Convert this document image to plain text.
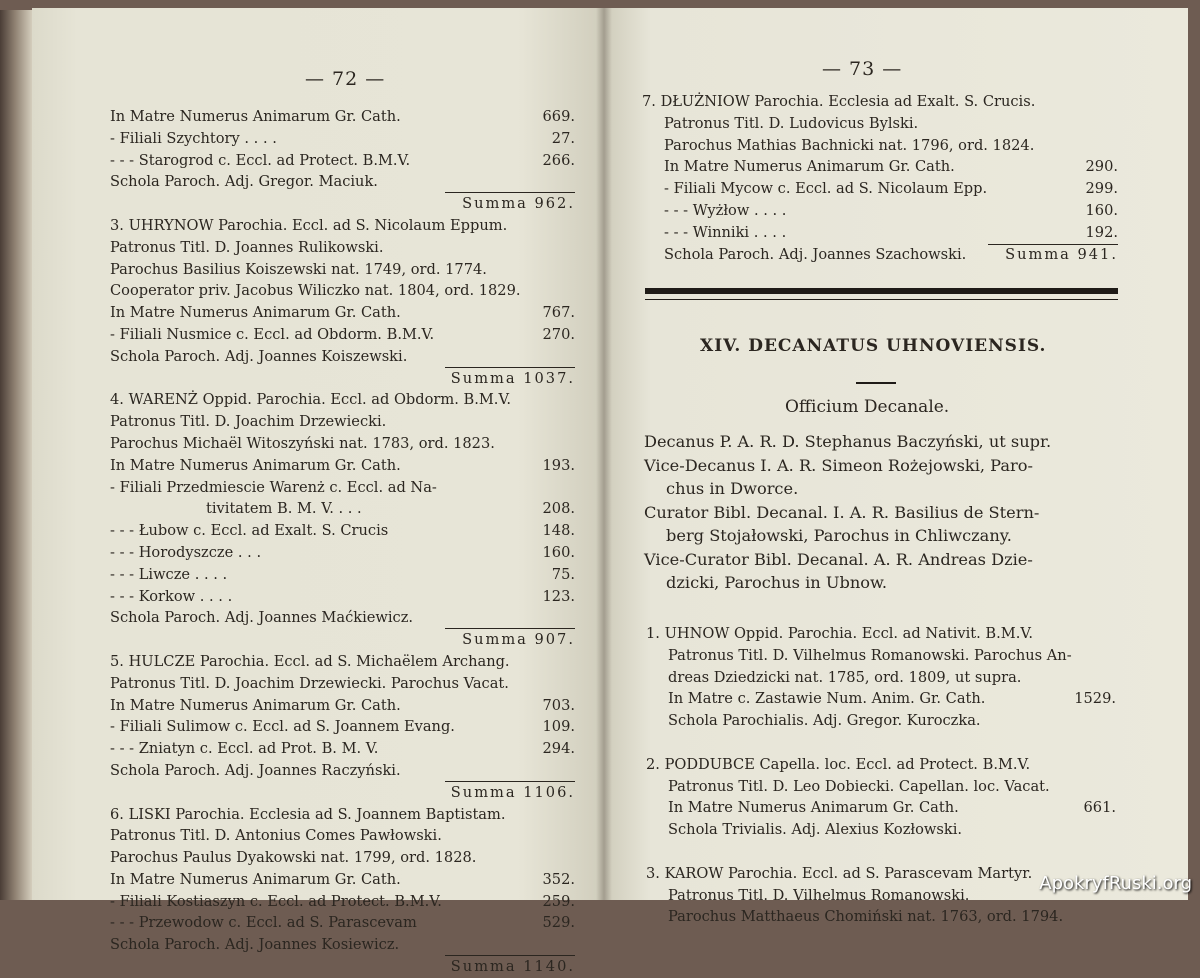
— 72 —	— 73 —
In Matre Numerus Animarum Gr. Cath.	669.
- Filiali Szychtory . . . .	27.
- - - Starogrod c. Eccl. ad Protect. B.M.V.	266.
Schola Paroch. Adj. Gregor. Maciuk.
Summa 962.
3. UHRYNOW Parochia. Eccl. ad S. Nicolaum Eppum.
Patronus Titl. D. Joannes Rulikowski.
Parochus Basilius Koiszewski nat. 1749, ord. 1774.
Cooperator priv. Jacobus Wiliczko nat. 1804, ord. 1829.
In Matre Numerus Animarum Gr. Cath.	767.
- Filiali Nusmice c. Eccl. ad Obdorm. B.M.V.	270.
Schola Paroch. Adj. Joannes Koiszewski.
Summa 1037.
4. WARENŻ Oppid. Parochia. Eccl. ad Obdorm. B.M.V.
Patronus Titl. D. Joachim Drzewiecki.
Parochus Michaël Witoszyński nat. 1783, ord. 1823.
In Matre Numerus Animarum Gr. Cath.	193.
- Filiali Przedmiescie Warenż c. Eccl. ad Na-
tivitatem B. M. V. . . .	208.
- - - Łubow c. Eccl. ad Exalt. S. Crucis	148.
- - - Horodyszcze . . .	160.
- - - Liwcze . . . .	75.
- - - Korkow . . . .	123.
Schola Paroch. Adj. Joannes Maćkiewicz.
Summa 907.
5. HULCZE Parochia. Eccl. ad S. Michaëlem Archang.
Patronus Titl. D. Joachim Drzewiecki. Parochus Vacat.
In Matre Numerus Animarum Gr. Cath.	703.
- Filiali Sulimow c. Eccl. ad S. Joannem Evang.	109.
- - - Zniatyn c. Eccl. ad Prot. B. M. V.	294.
Schola Paroch. Adj. Joannes Raczyński.
Summa 1106.
6. LISKI Parochia. Ecclesia ad S. Joannem Baptistam.
Patronus Titl. D. Antonius Comes Pawłowski.
Parochus Paulus Dyakowski nat. 1799, ord. 1828.
In Matre Numerus Animarum Gr. Cath.	352.
- Filiali Kostiaszyn c. Eccl. ad Protect. B.M.V.	259.
- - - Przewodow c. Eccl. ad S. Parascevam	529.
Schola Paroch. Adj. Joannes Kosiewicz.
Summa 1140.
7. DŁUŻNIOW Parochia. Ecclesia ad Exalt. S. Crucis.
Patronus Titl. D. Ludovicus Bylski.
Parochus Mathias Bachnicki nat. 1796, ord. 1824.
In Matre Numerus Animarum Gr. Cath.	290.
- Filiali Mycow c. Eccl. ad S. Nicolaum Epp.	299.
- - - Wyżłow . . . .	160.
- - - Winniki . . . .	192.
Schola Paroch. Adj. Joannes Szachowski.	Summa 941.
XIV. DECANATUS UHNOVIENSIS.
Officium Decanale.
Decanus P. A. R. D. Stephanus Baczyński, ut supr.
Vice-Decanus I. A. R. Simeon Rożejowski, Paro-
chus in Dworce.
Curator Bibl. Decanal. I. A. R. Basilius de Stern-
berg Stojałowski, Parochus in Chliwczany.
Vice-Curator Bibl. Decanal. A. R. Andreas Dzie-
dzicki, Parochus in Ubnow.
1. UHNOW Oppid. Parochia. Eccl. ad Nativit. B.M.V.
Patronus Titl. D. Vilhelmus Romanowski. Parochus An-
dreas Dziedzicki nat. 1785, ord. 1809, ut supra.
In Matre c. Zastawie Num. Anim. Gr. Cath.	1529.
Schola Parochialis. Adj. Gregor. Kuroczka.
2. PODDUBCE Capella. loc. Eccl. ad Protect. B.M.V.
Patronus Titl. D. Leo Dobiecki. Capellan. loc. Vacat.
In Matre Numerus Animarum Gr. Cath.	661.
Schola Trivialis. Adj. Alexius Kozłowski.
3. KAROW Parochia. Eccl. ad S. Parascevam Martyr.
Patronus Titl. D. Vilhelmus Romanowski.
Parochus Matthaeus Chomiński nat. 1763, ord. 1794.
ApokryfRuski.org
